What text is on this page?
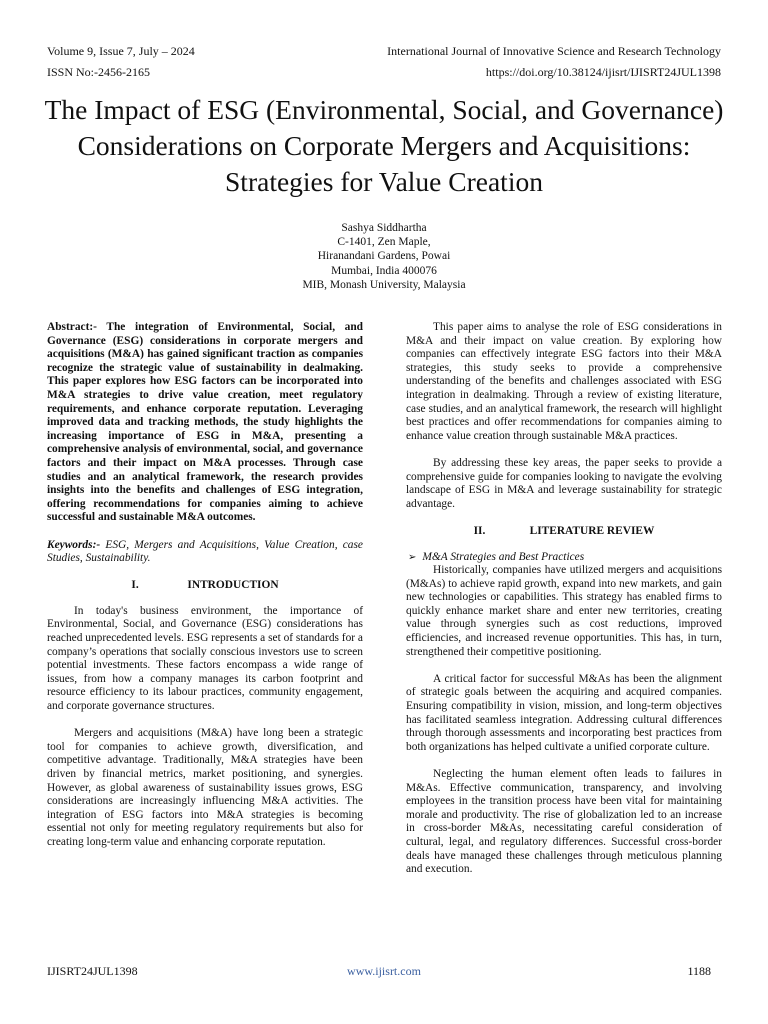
Volume 9, Issue 7, July – 2024
ISSN No:-2456-2165
International Journal of Innovative Science and Research Technology
https://doi.org/10.38124/ijisrt/IJISRT24JUL1398
The Impact of ESG (Environmental, Social, and Governance) Considerations on Corporate Mergers and Acquisitions: Strategies for Value Creation
Sashya Siddhartha
C-1401, Zen Maple,
Hiranandani Gardens, Powai
Mumbai, India 400076
MIB, Monash University, Malaysia

Abstract:- The integration of Environmental, Social, and Governance (ESG) considerations in corporate mergers and acquisitions (M&A) has gained significant traction as companies recognize the strategic value of sustainability in dealmaking. This paper explores how ESG factors can be incorporated into M&A strategies to drive value creation, meet regulatory requirements, and enhance corporate reputation. Leveraging improved data and tracking methods, the study highlights the increasing importance of ESG in M&A, presenting a comprehensive analysis of environmental, social, and governance factors and their impact on M&A processes. Through case studies and an analytical framework, the research provides insights into the benefits and challenges of ESG integration, offering recommendations for companies aiming to achieve successful and sustainable M&A outcomes.

Keywords:- ESG, Mergers and Acquisitions, Value Creation, case Studies, Sustainability.

I.	INTRODUCTION

In today's business environment, the importance of Environmental, Social, and Governance (ESG) considerations has reached unprecedented levels. ESG represents a set of standards for a company’s operations that socially conscious investors use to screen potential investments. These factors encompass a wide range of issues, from how a company manages its carbon footprint and resource efficiency to its labour practices, community engagement, and corporate governance structures.

Mergers and acquisitions (M&A) have long been a strategic tool for companies to achieve growth, diversification, and competitive advantage. Traditionally, M&A strategies have been driven by financial metrics, market positioning, and synergies. However, as global awareness of sustainability issues grows, ESG considerations are increasingly influencing M&A activities. The integration of ESG factors into M&A strategies is becoming essential not only for meeting regulatory requirements but also for creating long-term value and enhancing corporate reputation.

This paper aims to analyse the role of ESG considerations in M&A and their impact on value creation. By exploring how companies can effectively integrate ESG factors into their M&A strategies, this study seeks to provide a comprehensive understanding of the benefits and challenges associated with ESG integration in dealmaking. Through a review of existing literature, case studies, and an analytical framework, the research will highlight best practices and offer recommendations for companies aiming to enhance value creation through sustainable M&A practices.

By addressing these key areas, the paper seeks to provide a comprehensive guide for companies looking to navigate the evolving landscape of ESG in M&A and leverage sustainability for strategic advantage.

II.	LITERATURE REVIEW
➢ M&A Strategies and Best Practices

Historically, companies have utilized mergers and acquisitions (M&As) to achieve rapid growth, expand into new markets, and gain new technologies or capabilities. This strategy has enabled firms to quickly enhance market share and enter new territories, creating value through synergies such as cost reductions, improved efficiencies, and increased revenue opportunities. This has, in turn, strengthened their competitive positioning.

A critical factor for successful M&As has been the alignment of strategic goals between the acquiring and acquired companies. Ensuring compatibility in vision, mission, and long-term objectives has facilitated seamless integration. Addressing cultural differences through thorough assessments and incorporating best practices from both organizations has helped cultivate a unified corporate culture.

Neglecting the human element often leads to failures in M&As. Effective communication, transparency, and involving employees in the transition process have been vital for maintaining morale and productivity. The rise of globalization led to an increase in cross-border M&As, necessitating careful consideration of cultural, legal, and regulatory differences. Successful cross-border deals have managed these challenges through meticulous planning and execution.

IJISRT24JUL1398	www.ijisrt.com	1188
